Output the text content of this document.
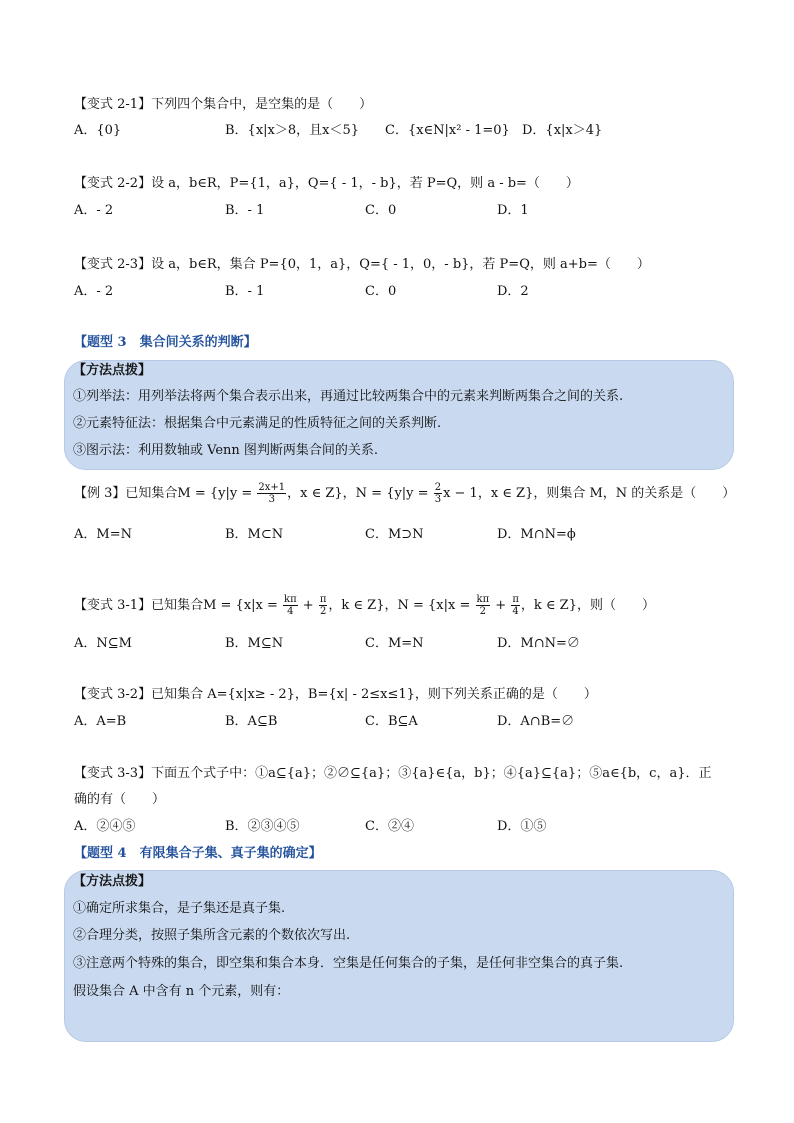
【变式 2-1】下列四个集合中，是空集的是（　　）
A．{0}	B．{x|x＞8，且x＜5} C．{x∈N|x² - 1=0} D．{x|x＞4}
【变式 2-2】设 a，b∈R，P={1，a}，Q={ - 1，- b}，若 P=Q，则 a - b=（　　）
A．- 2	B．- 1	C．0	D．1
【变式 2-3】设 a，b∈R，集合 P={0，1，a}，Q={ - 1，0，- b}，若 P=Q，则 a+b=（　　）
A．- 2	B．- 1	C．0	D．2
【题型 3　集合间关系的判断】
【方法点拨】
①列举法：用列举法将两个集合表示出来，再通过比较两集合中的元素来判断两集合之间的关系.
②元素特征法：根据集合中元素满足的性质特征之间的关系判断.
③图示法：利用数轴或 Venn 图判断两集合间的关系.
【例 3】已知集合$M = \{y|y = \frac{2x+1}{3}$ ，x ∈ Z}，$N = \{y|y = \frac{2}{3}$ x − 1，x ∈ Z}，则集合 M，N 的关系是（　　）
A．M=N	B．M⊂N	C．M⊃N	D．M∩N=ϕ
【变式 3-1】已知集合$M = \{x|x = \frac{k\pi}{4} + \frac{\pi}{2}$ ，k ∈ Z}，$N = \{x|x = \frac{k\pi}{2} + \frac{\pi}{4}$ ，k ∈ Z}，则（　　）
A．N⊆M	B．M⊆N	C．M=N	D．M∩N=∅
【变式 3-2】已知集合 A={x|x≥ - 2}，B={x| - 2≤x≤1}，则下列关系正确的是（　　）
A．A=B	B．A⊆B	C．B⊆A	D．A∩B=∅
【变式 3-3】下面五个式子中：①a⊆{a}；②∅⊆{a}；③{a}∈{a，b}；④{a}⊆{a}；⑤a∈{b，c，a}．正
确的有（　　）
A．②④⑤	B．②③④⑤	C．②④	D．①⑤
【题型 4　有限集合子集、真子集的确定】
【方法点拨】
①确定所求集合，是子集还是真子集.
②合理分类，按照子集所含元素的个数依次写出.
③注意两个特殊的集合，即空集和集合本身．空集是任何集合的子集，是任何非空集合的真子集.
假设集合 A 中含有 n 个元素，则有：
